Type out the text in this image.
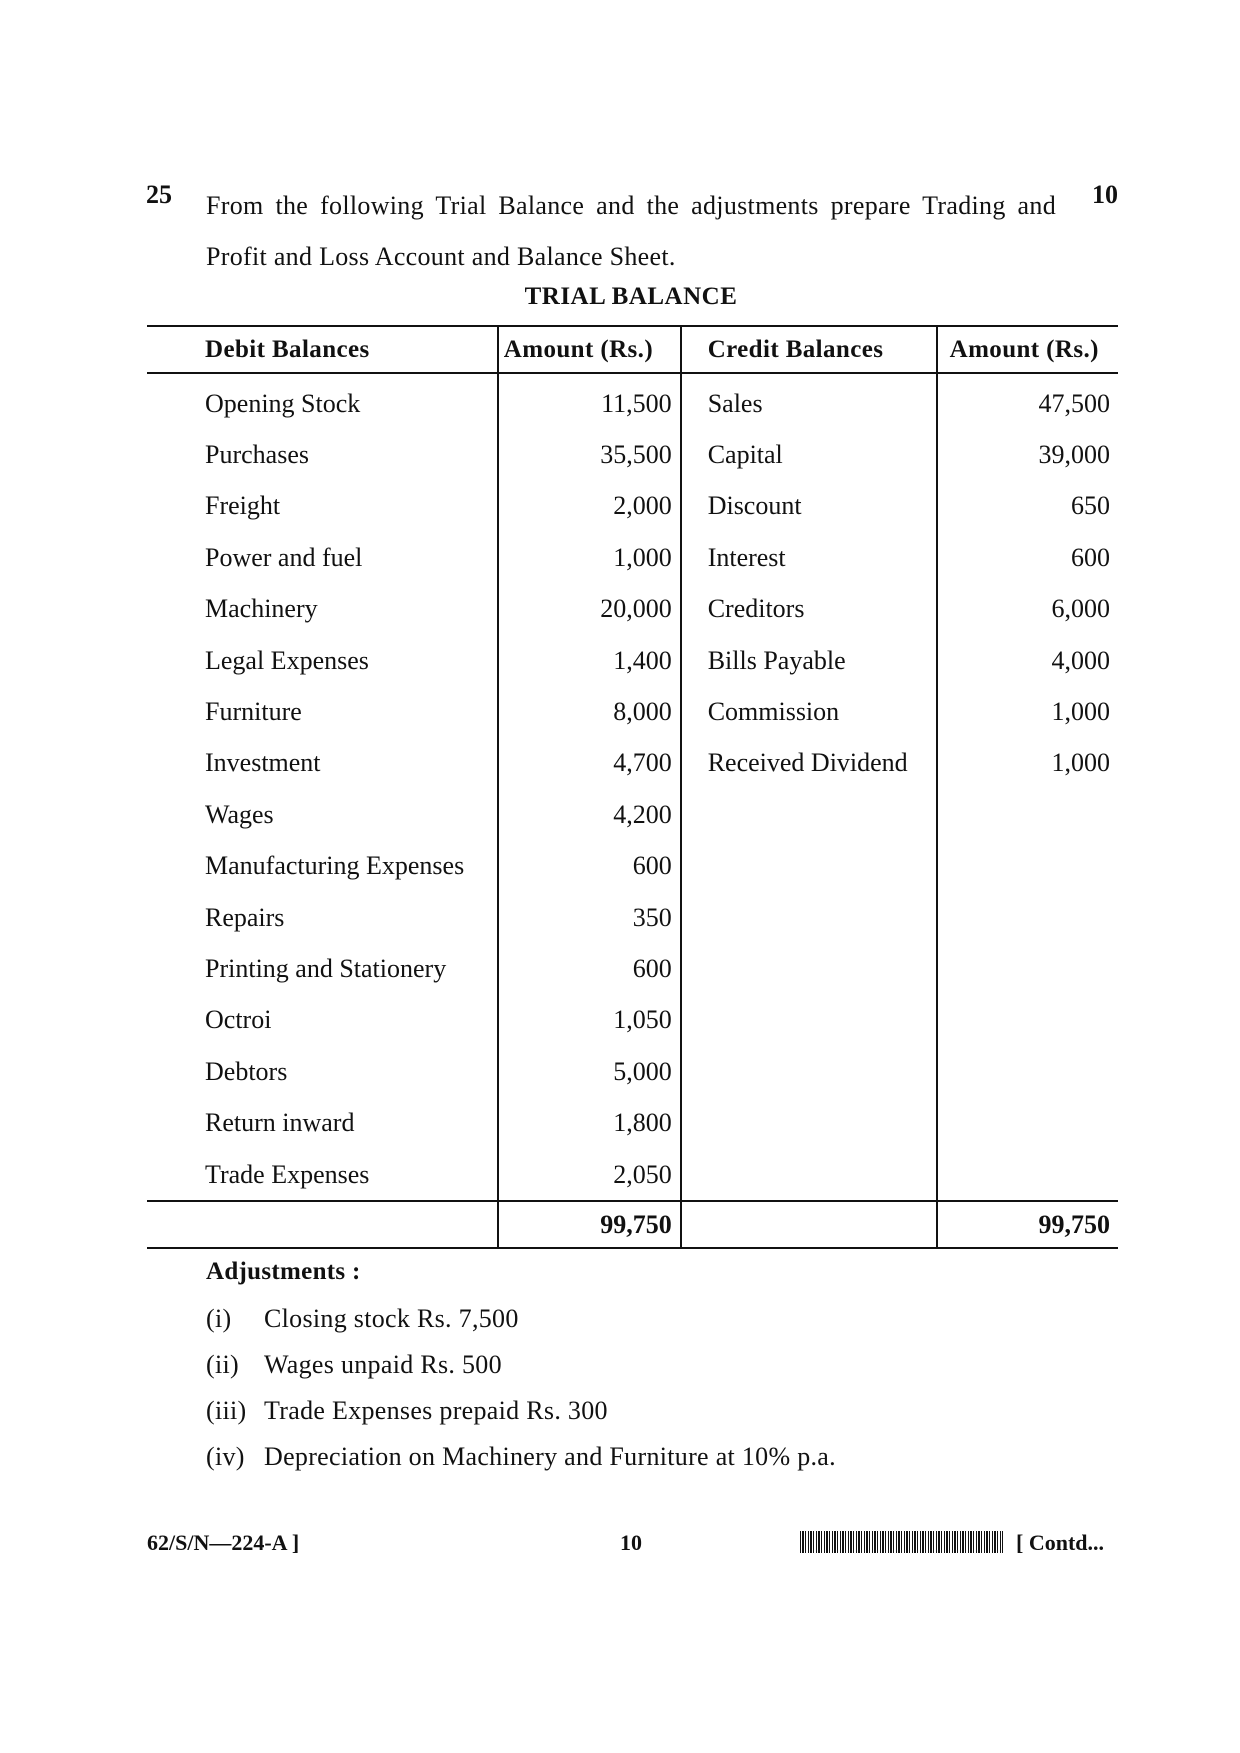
25 From the following Trial Balance and the adjustments prepare Trading and Profit and Loss Account and Balance Sheet.
10
TRIAL BALANCE
Debit Balances	Amount (Rs.)	Credit Balances	Amount (Rs.)
Opening Stock	11,500	Sales	47,500
Purchases	35,500	Capital	39,000
Freight	2,000	Discount	650
Power and fuel	1,000	Interest	600
Machinery	20,000	Creditors	6,000
Legal Expenses	1,400	Bills Payable	4,000
Furniture	8,000	Commission	1,000
Investment	4,700	Received Dividend	1,000
Wages	4,200		
Manufacturing Expenses	600		
Repairs	350		
Printing and Stationery	600		
Octroi	1,050		
Debtors	5,000		
Return inward	1,800		
Trade Expenses	2,050		
	99,750		99,750
Adjustments :
(i) Closing stock Rs. 7,500
(ii) Wages unpaid Rs. 500
(iii) Trade Expenses prepaid Rs. 300
(iv) Depreciation on Machinery and Furniture at 10% p.a.
62/S/N—224-A ]	10	[ Contd...
